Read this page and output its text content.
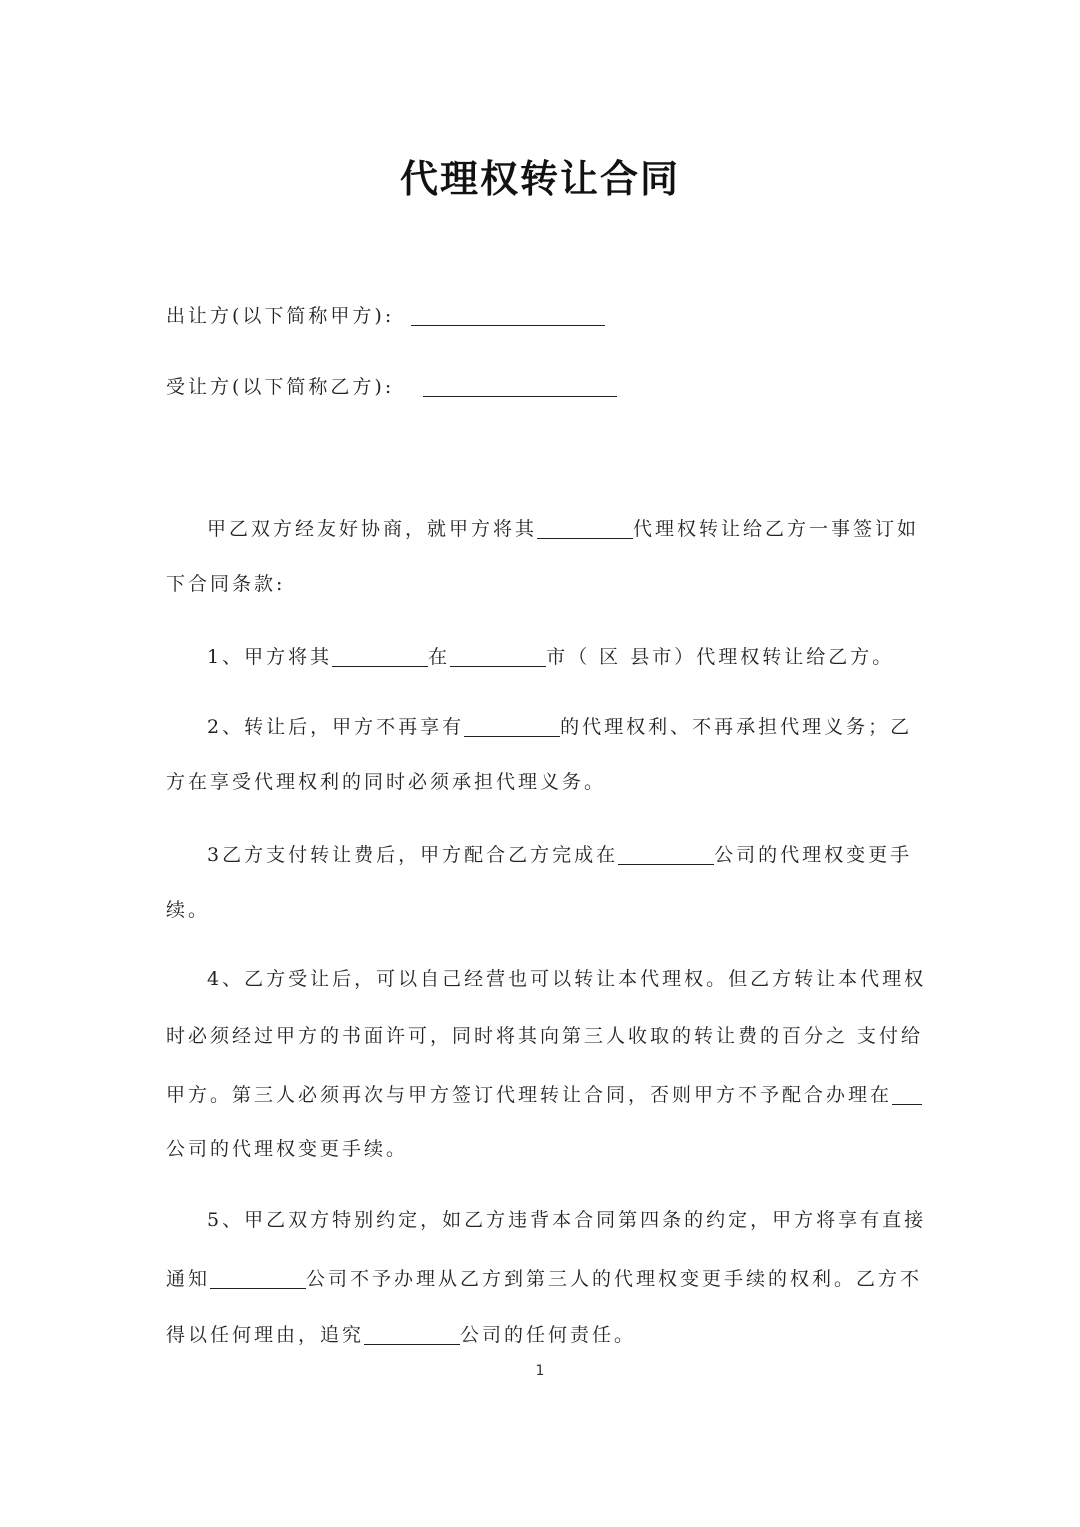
代理权转让合同
出让方(以下简称甲方):
受让方(以下简称乙方):
甲乙双方经友好协商，就甲方将其	代理权转让给乙方一事签订如
下合同条款:
1、甲方将其	在	市（ 区 县市）代理权转让给乙方。
2、转让后，甲方不再享有	的代理权利、不再承担代理义务；乙
方在享受代理权利的同时必须承担代理义务。
3乙方支付转让费后，甲方配合乙方完成在	公司的代理权变更手
续。
4、乙方受让后，可以自己经营也可以转让本代理权。但乙方转让本代理权
时必须经过甲方的书面许可，同时将其向第三人收取的转让费的百分之 支付给
甲方。第三人必须再次与甲方签订代理转让合同，否则甲方不予配合办理在
公司的代理权变更手续。
5、甲乙双方特别约定，如乙方违背本合同第四条的约定，甲方将享有直接
通知	公司不予办理从乙方到第三人的代理权变更手续的权利。乙方不
得以任何理由，追究	公司的任何责任。
1
